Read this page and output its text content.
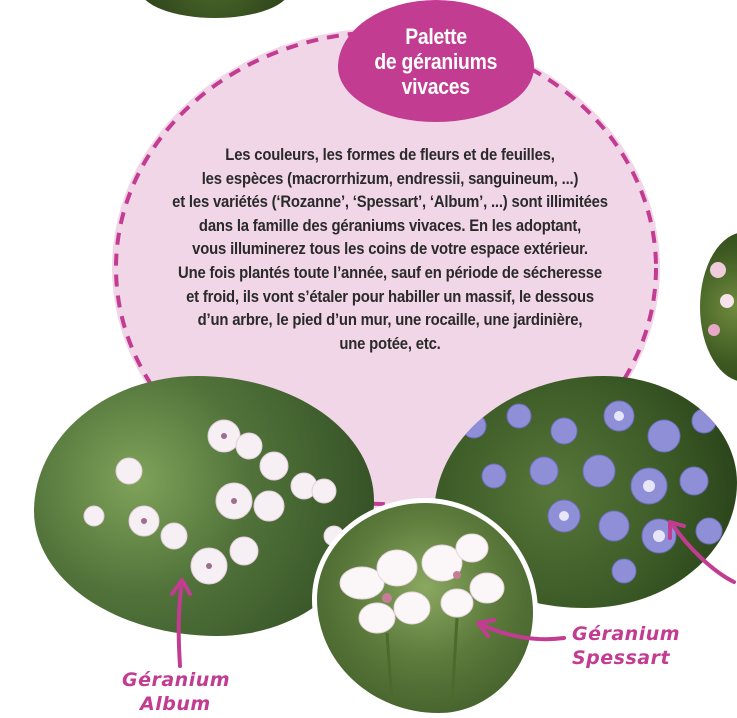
Palette
de géraniums
vivaces
Les couleurs, les formes de fleurs et de feuilles,
les espèces (macrorrhizum, endressii, sanguineum, ...)
et les variétés (‘Rozanne’, ‘Spessart’, ‘Album’, ...) sont illimitées
dans la famille des géraniums vivaces. En les adoptant,
vous illuminerez tous les coins de votre espace extérieur.
Une fois plantés toute l’année, sauf en période de sécheresse
et froid, ils vont s’étaler pour habiller un massif, le dessous
d’un arbre, le pied d’un mur, une rocaille, une jardinière,
une potée, etc.
Géranium
Album
Géranium
Spessart
